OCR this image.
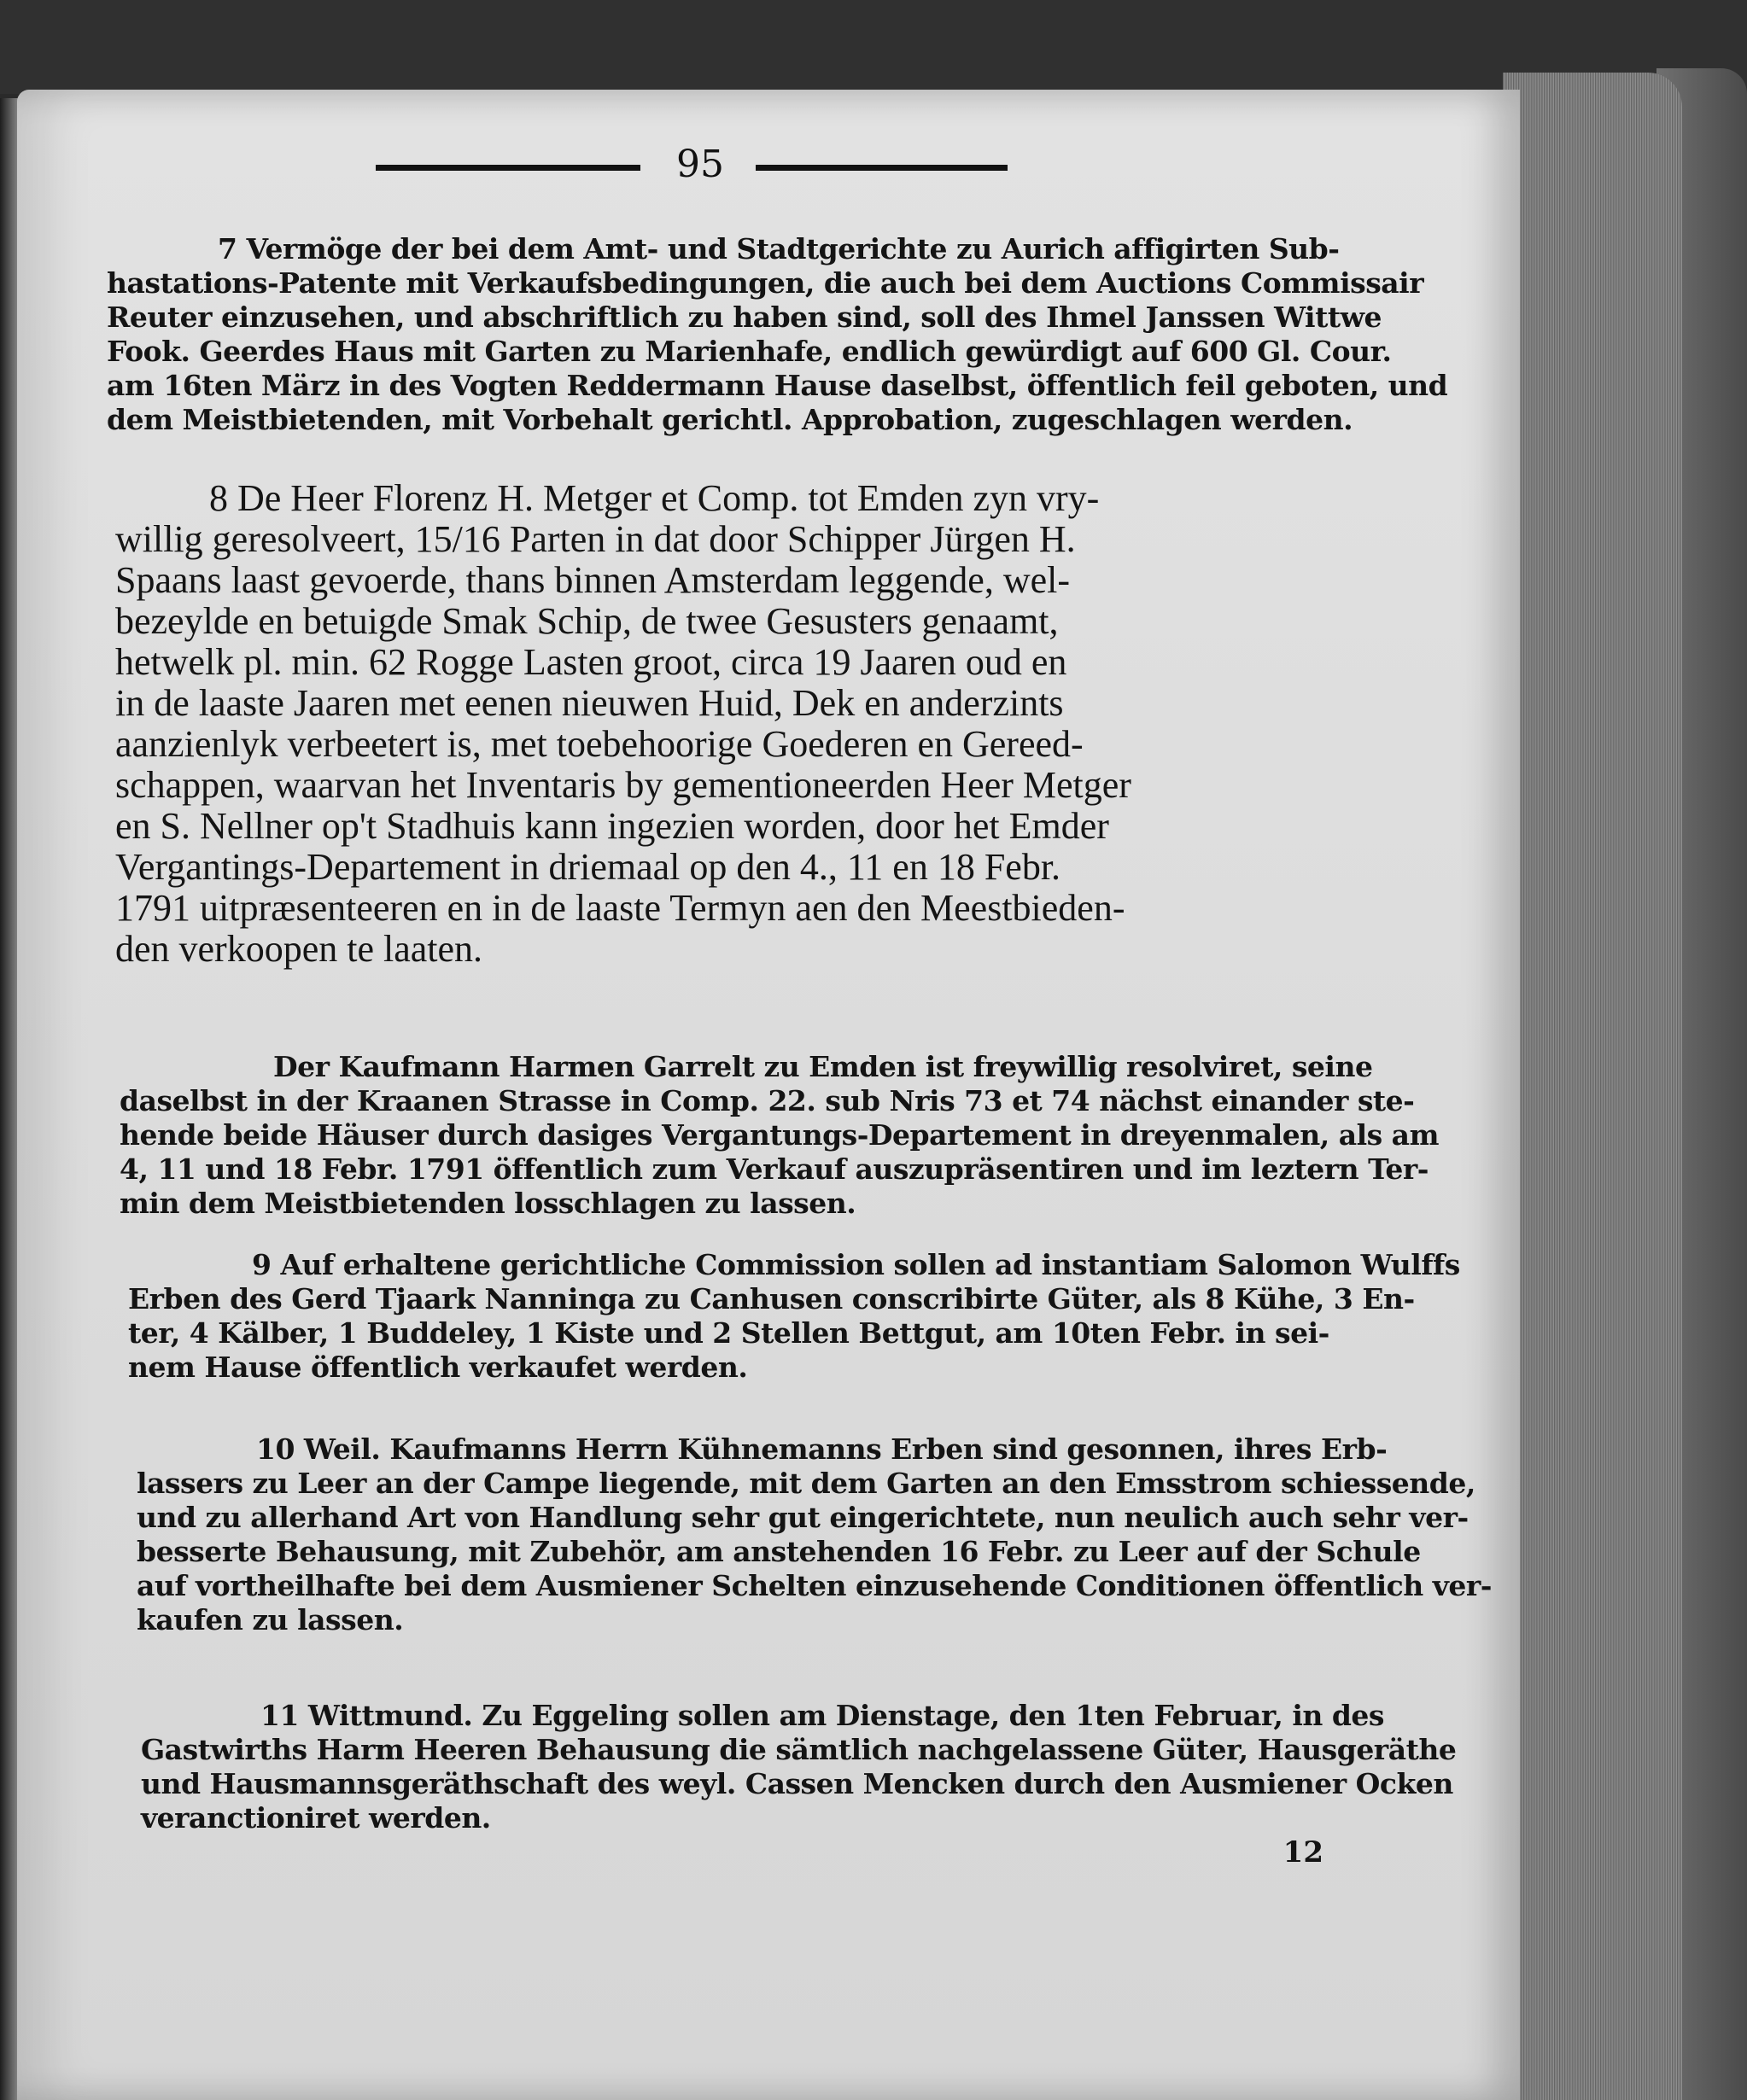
95
7 Vermöge der bei dem Amt- und Stadtgerichte zu Aurich affigirten Sub-
hastations-Patente mit Verkaufsbedingungen, die auch bei dem Auctions Commissair
Reuter einzusehen, und abschriftlich zu haben sind, soll des Ihmel Janssen Wittwe
Fook. Geerdes Haus mit Garten zu Marienhafe, endlich gewürdigt auf 600 Gl. Cour.
am 16ten März in des Vogten Reddermann Hause daselbst, öffentlich feil geboten, und
dem Meistbietenden, mit Vorbehalt gerichtl. Approbation, zugeschlagen werden.
8 De Heer Florenz H. Metger et Comp. tot Emden zyn vry-
willig geresolveert, 15/16 Parten in dat door Schipper Jürgen H.
Spaans laast gevoerde, thans binnen Amsterdam leggende, wel-
bezeylde en betuigde Smak Schip, de twee Gesusters genaamt,
hetwelk pl. min. 62 Rogge Lasten groot, circa 19 Jaaren oud en
in de laaste Jaaren met eenen nieuwen Huid, Dek en anderzints
aanzienlyk verbeetert is, met toebehoorige Goederen en Gereed-
schappen, waarvan het Inventaris by gementioneerden Heer Metger
en S. Nellner op't Stadhuis kann ingezien worden, door het Emder
Vergantings-Departement in driemaal op den 4., 11 en 18 Febr.
1791 uitpræsenteeren en in de laaste Termyn aen den Meestbieden-
den verkoopen te laaten.
Der Kaufmann Harmen Garrelt zu Emden ist freywillig resolviret, seine
daselbst in der Kraanen Strasse in Comp. 22. sub Nris 73 et 74 nächst einander ste-
hende beide Häuser durch dasiges Vergantungs-Departement in dreyenmalen, als am
4, 11 und 18 Febr. 1791 öffentlich zum Verkauf auszupräsentiren und im leztern Ter-
min dem Meistbietenden losschlagen zu lassen.
9 Auf erhaltene gerichtliche Commission sollen ad instantiam Salomon Wulffs
Erben des Gerd Tjaark Nanninga zu Canhusen conscribirte Güter, als 8 Kühe, 3 En-
ter, 4 Kälber, 1 Buddeley, 1 Kiste und 2 Stellen Bettgut, am 10ten Febr. in sei-
nem Hause öffentlich verkaufet werden.
10 Weil. Kaufmanns Herrn Kühnemanns Erben sind gesonnen, ihres Erb-
lassers zu Leer an der Campe liegende, mit dem Garten an den Emsstrom schiessende,
und zu allerhand Art von Handlung sehr gut eingerichtete, nun neulich auch sehr ver-
besserte Behausung, mit Zubehör, am anstehenden 16 Febr. zu Leer auf der Schule
auf vortheilhafte bei dem Ausmiener Schelten einzusehende Conditionen öffentlich ver-
kaufen zu lassen.
11 Wittmund. Zu Eggeling sollen am Dienstage, den 1ten Februar, in des
Gastwirths Harm Heeren Behausung die sämtlich nachgelassene Güter, Hausgeräthe
und Hausmannsgeräthschaft des weyl. Cassen Mencken durch den Ausmiener Ocken
veranctioniret werden.
12
